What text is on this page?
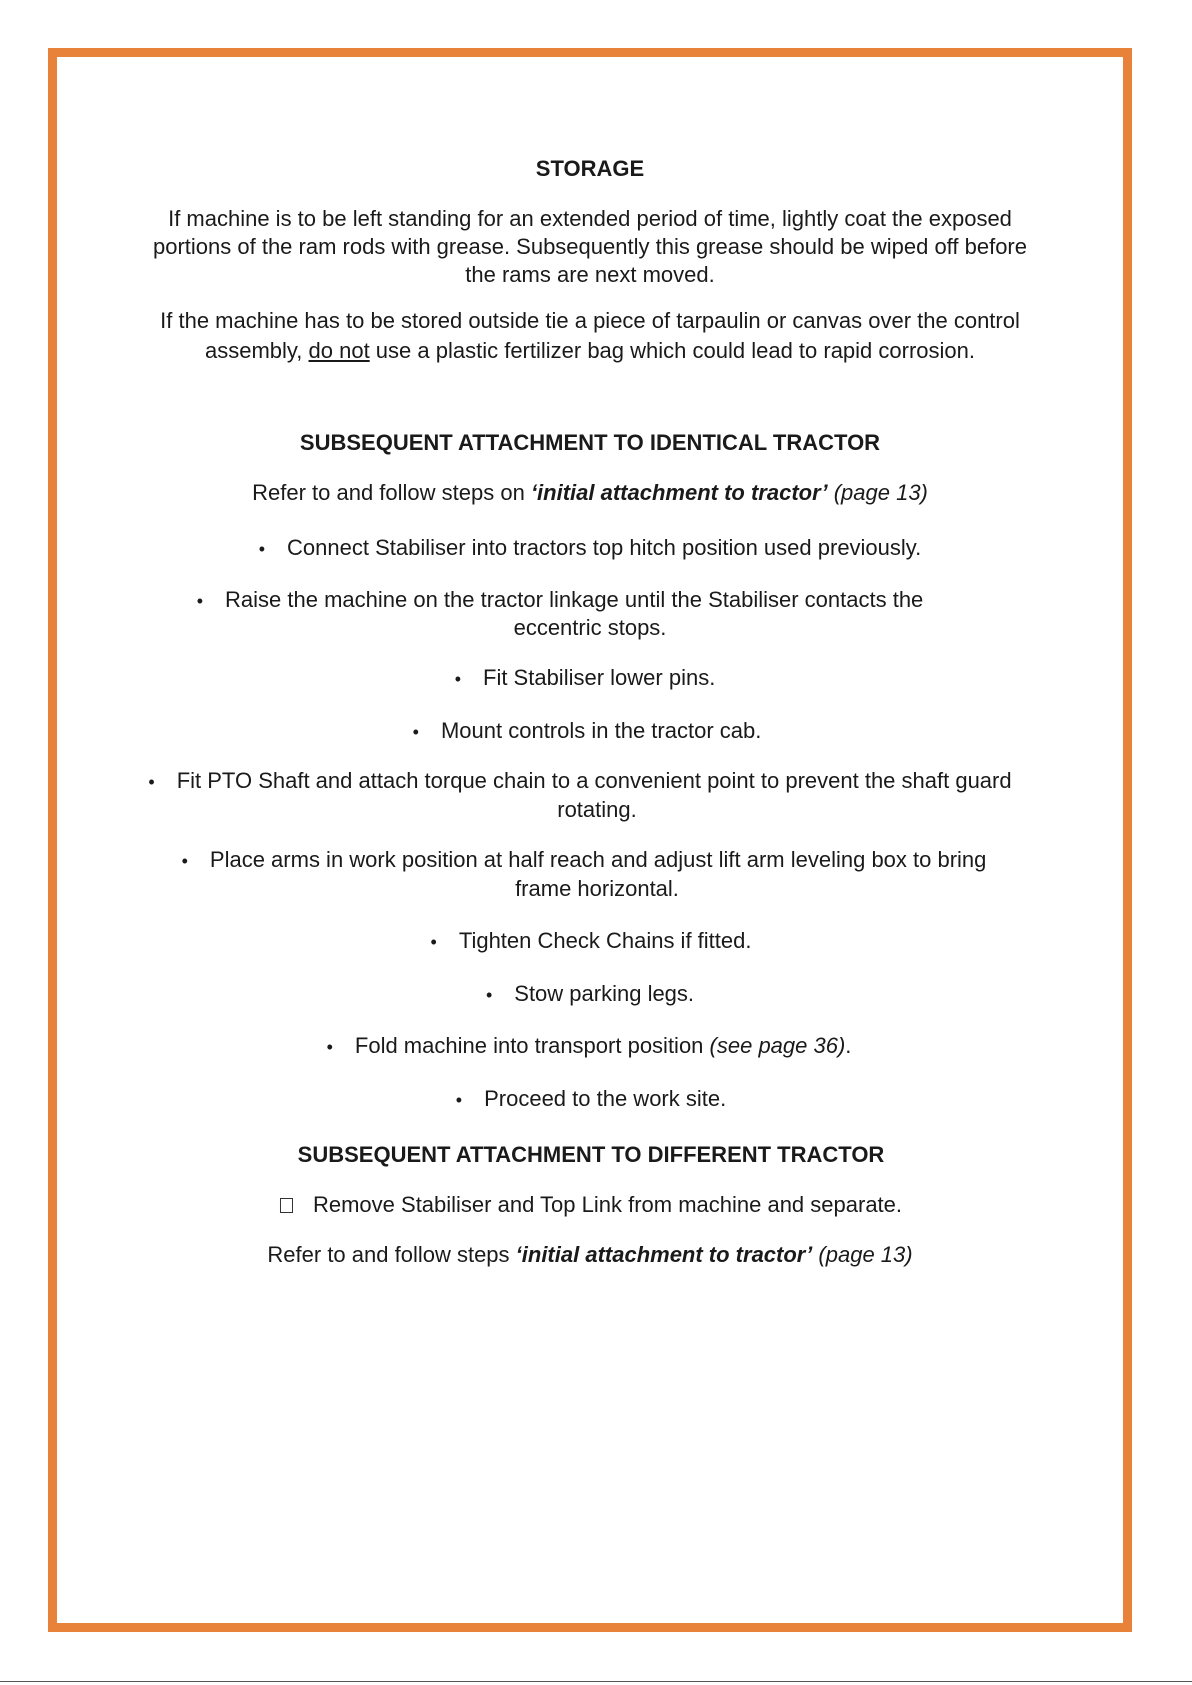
STORAGE
If machine is to be left standing for an extended period of time, lightly coat the exposed
portions of the ram rods with grease. Subsequently this grease should be wiped off before
the rams are next moved.
If the machine has to be stored outside tie a piece of tarpaulin or canvas over the control
assembly, do not use a plastic fertilizer bag which could lead to rapid corrosion.
SUBSEQUENT ATTACHMENT TO IDENTICAL TRACTOR
Refer to and follow steps on ‘initial attachment to tractor’ (page 13)
• Connect Stabiliser into tractors top hitch position used previously.
• Raise the machine on the tractor linkage until the Stabiliser contacts the
eccentric stops.
• Fit Stabiliser lower pins.
• Mount controls in the tractor cab.
• Fit PTO Shaft and attach torque chain to a convenient point to prevent the shaft guard
rotating.
• Place arms in work position at half reach and adjust lift arm leveling box to bring
frame horizontal.
• Tighten Check Chains if fitted.
• Stow parking legs.
• Fold machine into transport position (see page 36).
• Proceed to the work site.
SUBSEQUENT ATTACHMENT TO DIFFERENT TRACTOR
Remove Stabiliser and Top Link from machine and separate.
Refer to and follow steps ‘initial attachment to tractor’ (page 13)
